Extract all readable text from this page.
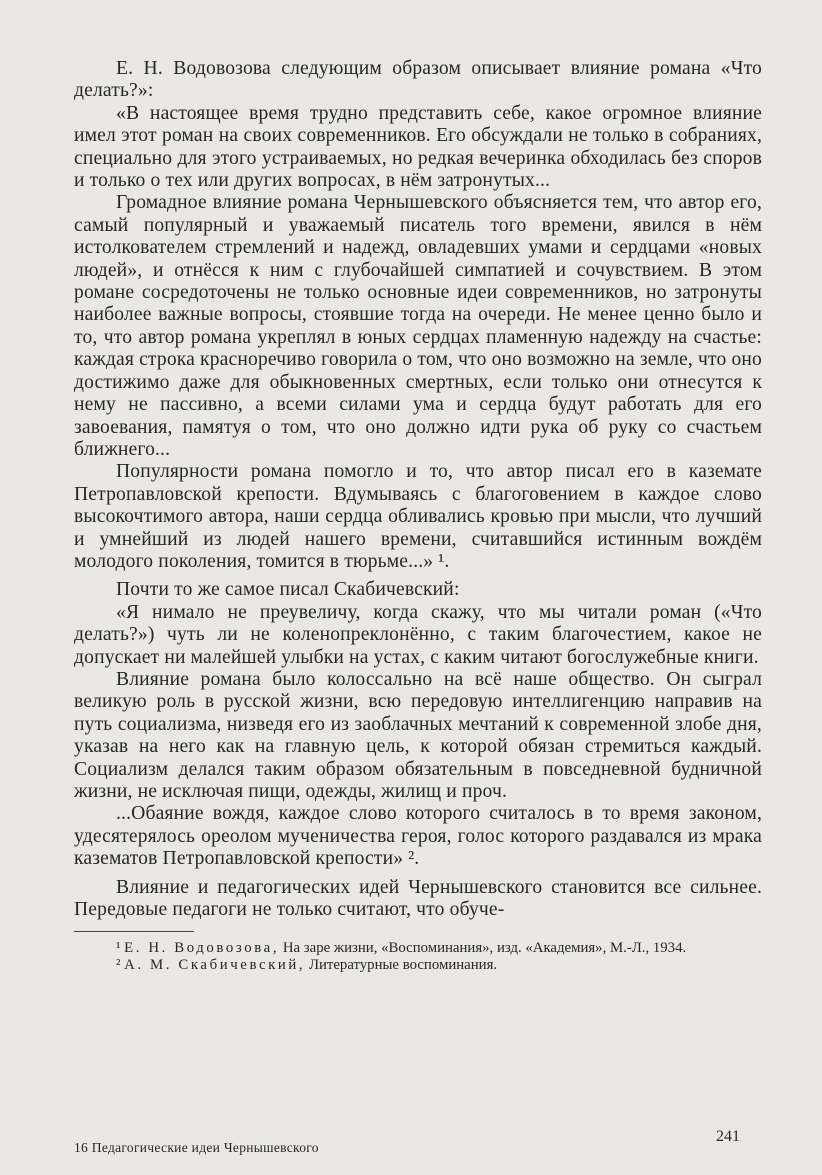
Е. Н. Водовозова следующим образом описывает влияние романа «Что делать?»:

«В настоящее время трудно представить себе, какое огромное влияние имел этот роман на своих современников. Его обсуждали не только в собраниях, специально для этого устраиваемых, но редкая вечеринка обходилась без споров и только о тех или других вопросах, в нём затронутых...

Громадное влияние романа Чернышевского объясняется тем, что автор его, самый популярный и уважаемый писатель того времени, явился в нём истолкователем стремлений и надежд, овладевших умами и сердцами «новых людей», и отнёсся к ним с глубочайшей симпатией и сочувствием. В этом романе сосредоточены не только основные идеи современников, но затронуты наиболее важные вопросы, стоявшие тогда на очереди. Не менее ценно было и то, что автор романа укреплял в юных сердцах пламенную надежду на счастье: каждая строка красноречиво говорила о том, что оно возможно на земле, что оно достижимо даже для обыкновенных смертных, если только они отнесутся к нему не пассивно, а всеми силами ума и сердца будут работать для его завоевания, памятуя о том, что оно должно идти рука об руку со счастьем ближнего...

Популярности романа помогло и то, что автор писал его в каземате Петропавловской крепости. Вдумываясь с благоговением в каждое слово высокочтимого автора, наши сердца обливались кровью при мысли, что лучший и умнейший из людей нашего времени, считавшийся истинным вождём молодого поколения, томится в тюрьме...» ¹.

Почти то же самое писал Скабичевский:

«Я нимало не преувеличу, когда скажу, что мы читали роман («Что делать?») чуть ли не коленопреклонённо, с таким благочестием, какое не допускает ни малейшей улыбки на устах, с каким читают богослужебные книги.

Влияние романа было колоссально на всё наше общество. Он сыграл великую роль в русской жизни, всю передовую интеллигенцию направив на путь социализма, низведя его из заоблачных мечтаний к современной злобе дня, указав на него как на главную цель, к которой обязан стремиться каждый. Социализм делался таким образом обязательным в повседневной будничной жизни, не исключая пищи, одежды, жилищ и проч.

...Обаяние вождя, каждое слово которого считалось в то время законом, удесятерялось ореолом мученичества героя, голос которого раздавался из мрака казематов Петропавловской крепости» ².

Влияние и педагогических идей Чернышевского становится все сильнее. Передовые педагоги не только считают, что обуче-

¹ Е. Н. Водовозова, На заре жизни, «Воспоминания», изд. «Академия», М.-Л., 1934.

² А. М. Скабичевский, Литературные воспоминания.

16 Педагогические идеи Чернышевского
241
